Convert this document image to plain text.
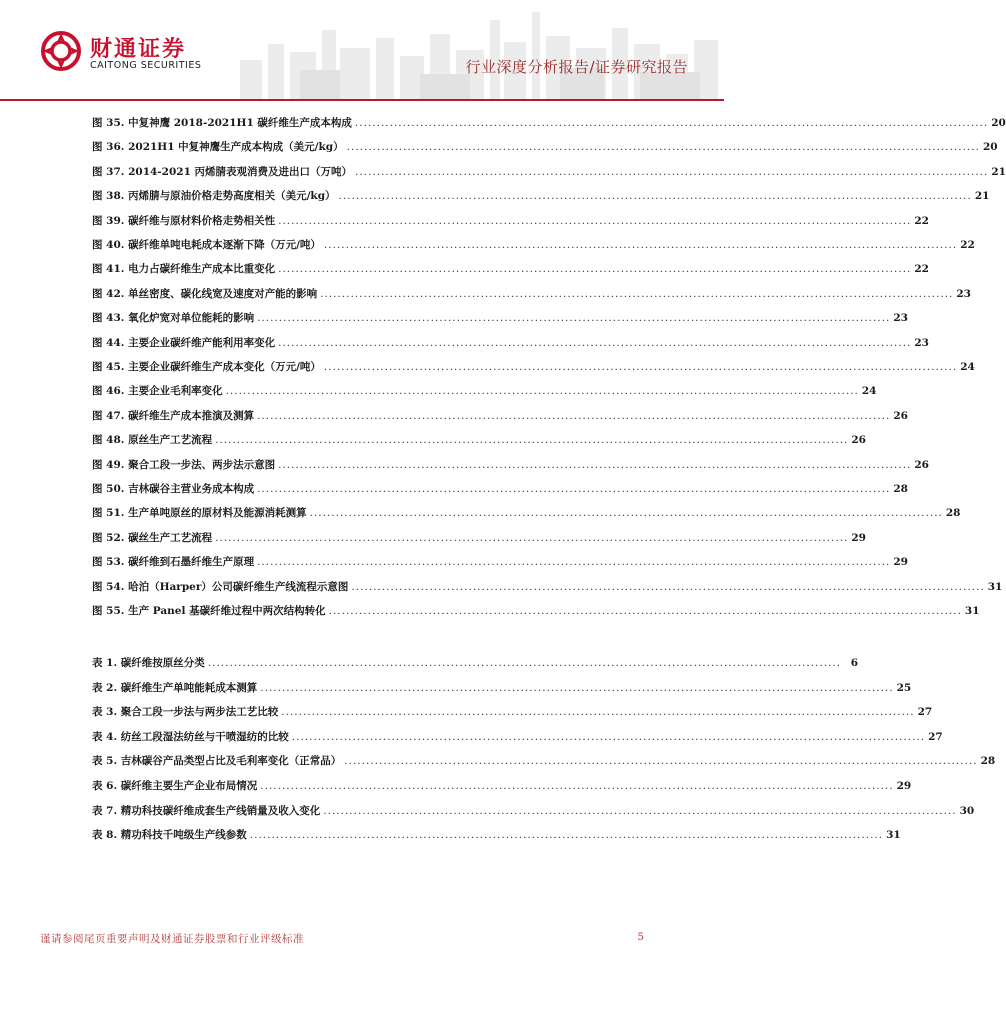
财通证券
CAITONG SECURITIES	行业深度分析报告/证券研究报告
图 35. 中复神鹰 2018-2021H1 碳纤维生产成本构成 .................................................................................................................................................. 20
图 36. 2021H1 中复神鹰生产成本构成（美元/kg） .................................................................................................................................................. 20
图 37. 2014-2021 丙烯腈表观消费及进出口（万吨） .................................................................................................................................................. 21
图 38. 丙烯腈与原油价格走势高度相关（美元/kg） .................................................................................................................................................. 21
图 39. 碳纤维与原材料价格走势相关性 .................................................................................................................................................. 22
图 40. 碳纤维单吨电耗成本逐渐下降（万元/吨） .................................................................................................................................................. 22
图 41. 电力占碳纤维生产成本比重变化 .................................................................................................................................................. 22
图 42. 单丝密度、碳化线宽及速度对产能的影响 .................................................................................................................................................. 23
图 43. 氧化炉宽对单位能耗的影响 .................................................................................................................................................. 23
图 44. 主要企业碳纤维产能利用率变化 .................................................................................................................................................. 23
图 45. 主要企业碳纤维生产成本变化（万元/吨） .................................................................................................................................................. 24
图 46. 主要企业毛利率变化 .................................................................................................................................................. 24
图 47. 碳纤维生产成本推演及测算 .................................................................................................................................................. 26
图 48. 原丝生产工艺流程 .................................................................................................................................................. 26
图 49. 聚合工段一步法、两步法示意图 .................................................................................................................................................. 26
图 50. 吉林碳谷主营业务成本构成 .................................................................................................................................................. 28
图 51. 生产单吨原丝的原材料及能源消耗测算 .................................................................................................................................................. 28
图 52. 碳丝生产工艺流程 .................................................................................................................................................. 29
图 53. 碳纤维到石墨纤维生产原理 .................................................................................................................................................. 29
图 54. 哈泊（Harper）公司碳纤维生产线流程示意图 .................................................................................................................................................. 31
图 55. 生产 Panel 基碳纤维过程中两次结构转化 .................................................................................................................................................. 31
表 1. 碳纤维按原丝分类 .................................................................................................................................................. 6
表 2. 碳纤维生产单吨能耗成本测算 .................................................................................................................................................. 25
表 3. 聚合工段一步法与两步法工艺比较 .................................................................................................................................................. 27
表 4. 纺丝工段湿法纺丝与干喷湿纺的比较 .................................................................................................................................................. 27
表 5. 吉林碳谷产品类型占比及毛利率变化（正常品） .................................................................................................................................................. 28
表 6. 碳纤维主要生产企业布局情况 .................................................................................................................................................. 29
表 7. 精功科技碳纤维成套生产线销量及收入变化 .................................................................................................................................................. 30
表 8. 精功科技千吨级生产线参数 .................................................................................................................................................. 31
谨请参阅尾页重要声明及财通证券股票和行业评级标准	5
